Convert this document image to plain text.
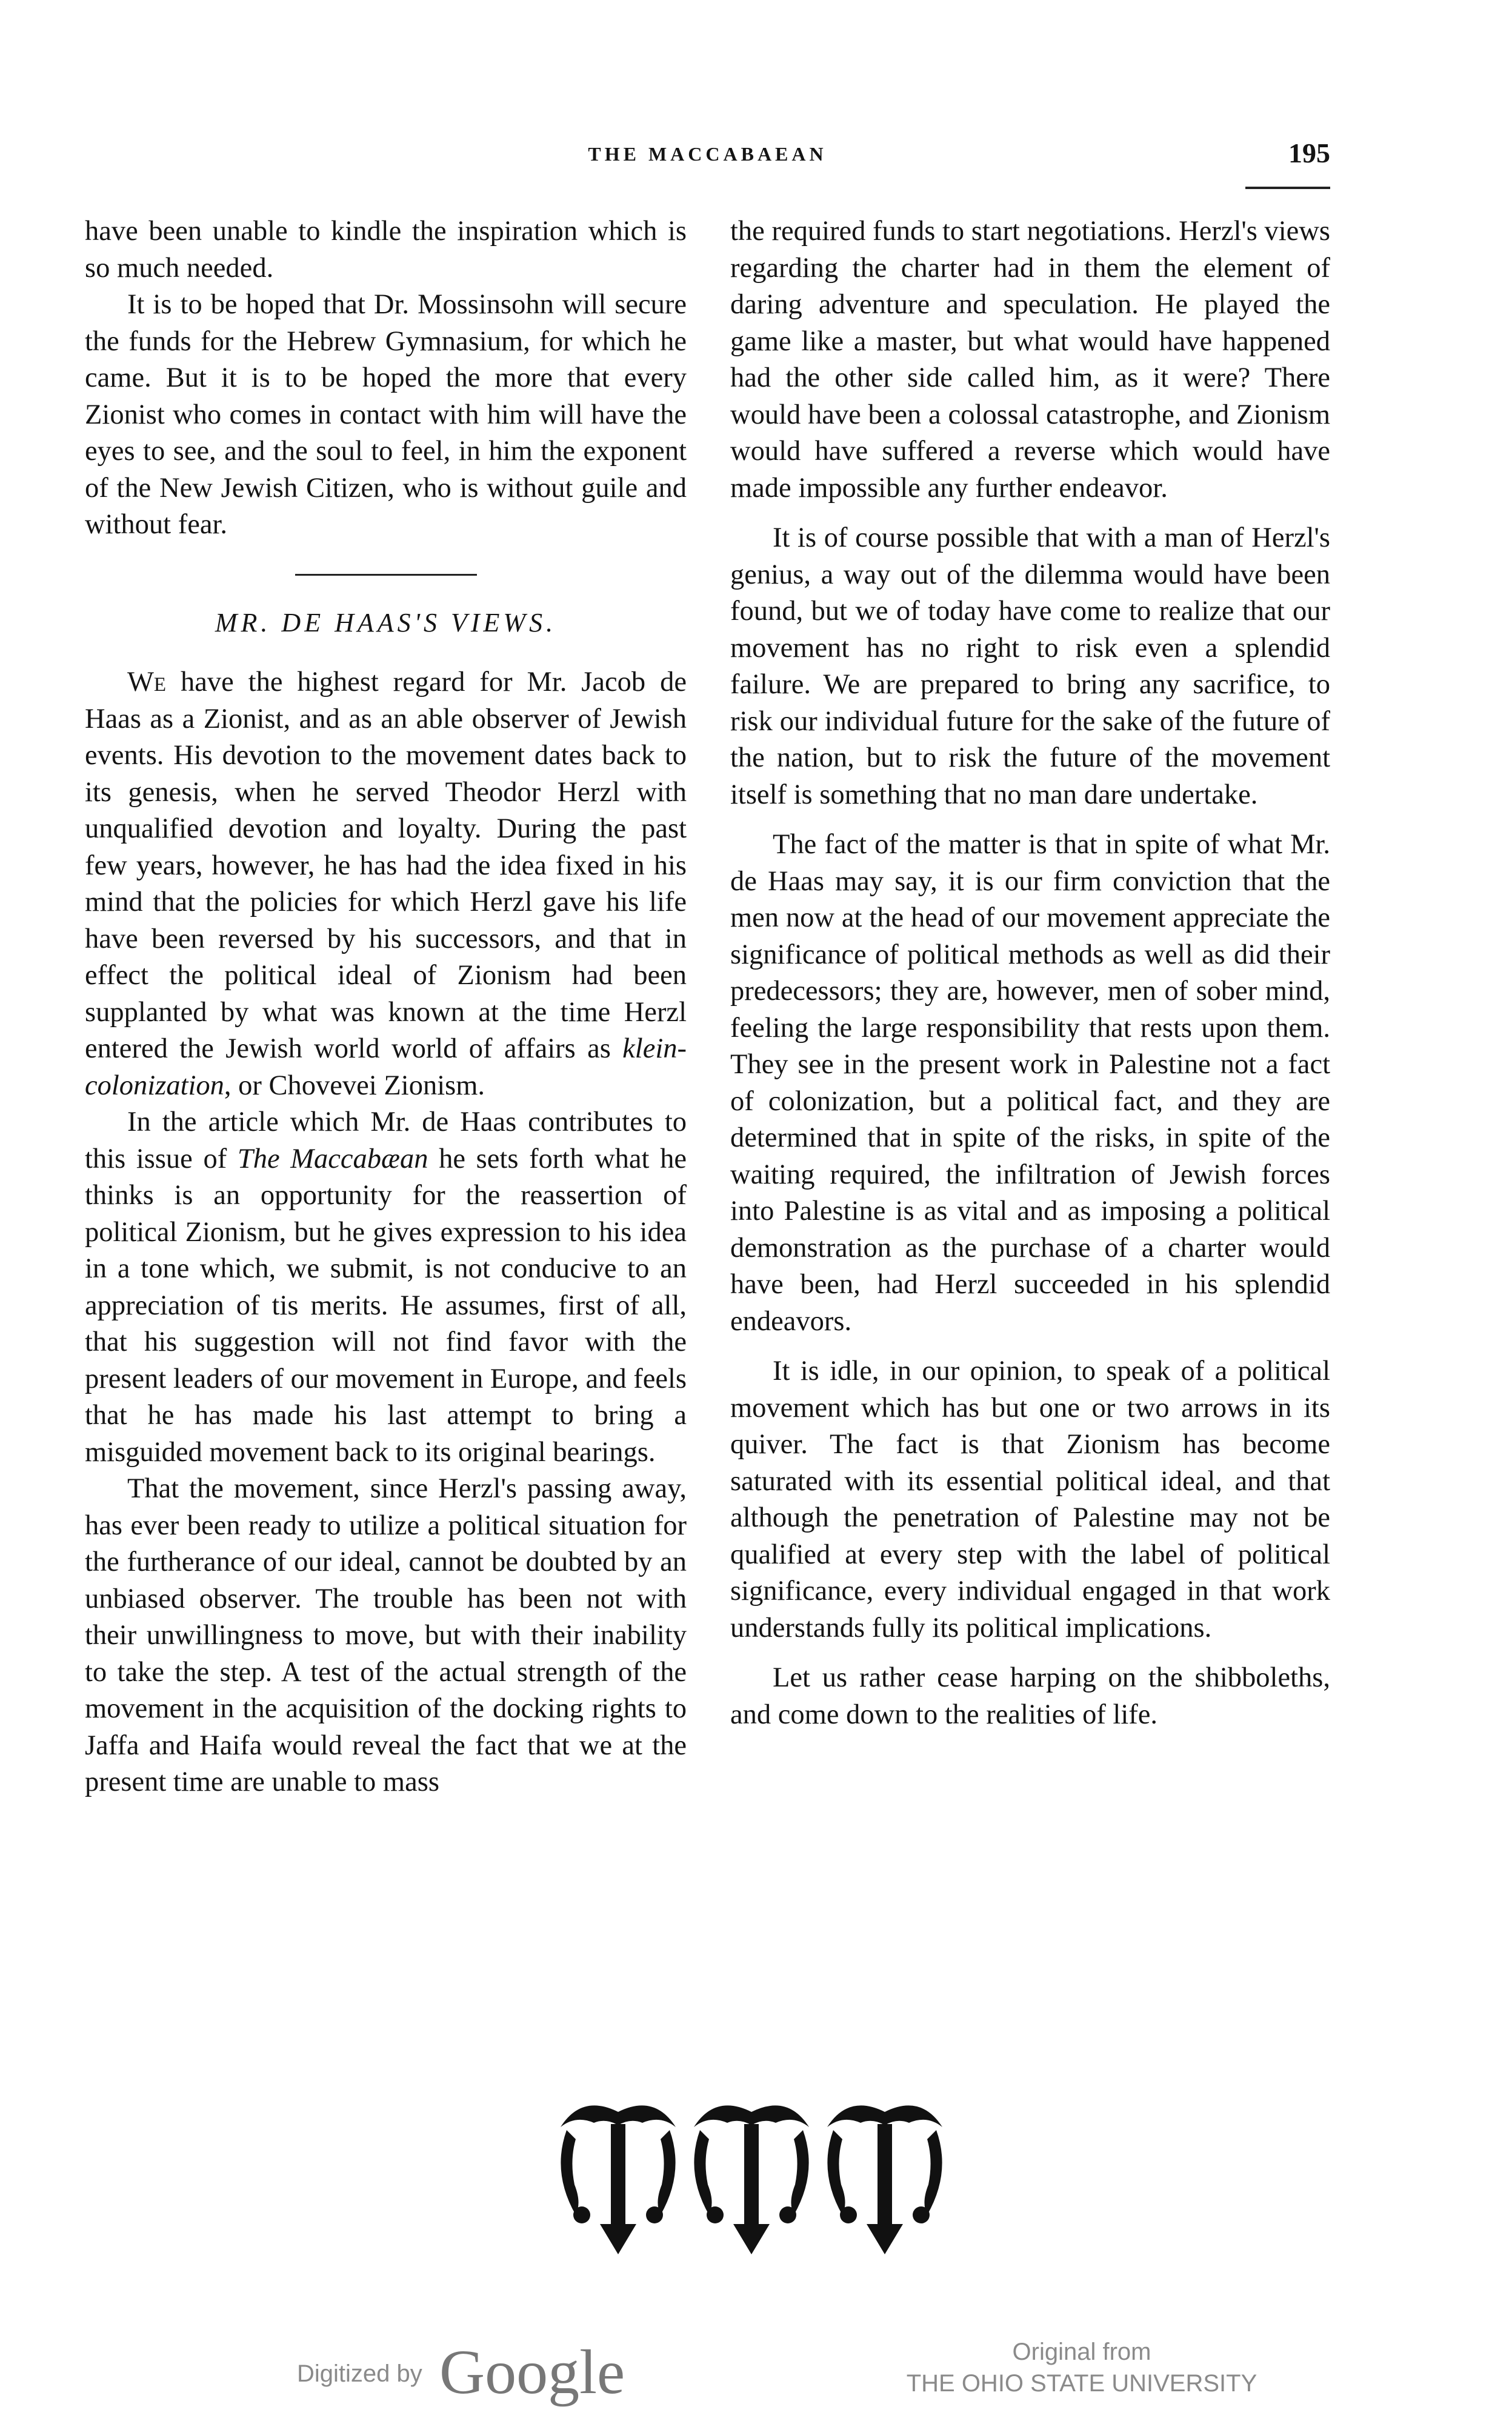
THE MACCABAEAN	195

have been unable to kindle the inspiration which is so much needed.

It is to be hoped that Dr. Mossinsohn will secure the funds for the Hebrew Gymnasium, for which he came. But it is to be hoped the more that every Zionist who comes in contact with him will have the eyes to see, and the soul to feel, in him the exponent of the New Jewish Citizen, who is without guile and without fear.

MR. DE HAAS'S VIEWS.

We have the highest regard for Mr. Jacob de Haas as a Zionist, and as an able observer of Jewish events. His devotion to the movement dates back to its genesis, when he served Theodor Herzl with unqualified devotion and loyalty. During the past few years, however, he has had the idea fixed in his mind that the policies for which Herzl gave his life have been reversed by his successors, and that in effect the political ideal of Zionism had been supplanted by what was known at the time Herzl entered the Jewish world world of affairs as klein-colonization, or Chovevei Zionism.

In the article which Mr. de Haas contributes to this issue of The Maccabæan he sets forth what he thinks is an opportunity for the reassertion of political Zionism, but he gives expression to his idea in a tone which, we submit, is not conducive to an appreciation of tis merits. He assumes, first of all, that his suggestion will not find favor with the present leaders of our movement in Europe, and feels that he has made his last attempt to bring a misguided movement back to its original bearings.

That the movement, since Herzl's passing away, has ever been ready to utilize a political situation for the furtherance of our ideal, cannot be doubted by an unbiased observer. The trouble has been not with their unwillingness to move, but with their inability to take the step. A test of the actual strength of the movement in the acquisition of the docking rights to Jaffa and Haifa would reveal the fact that we at the present time are unable to mass

the required funds to start negotiations. Herzl's views regarding the charter had in them the element of daring adventure and speculation. He played the game like a master, but what would have happened had the other side called him, as it were? There would have been a colossal catastrophe, and Zionism would have suffered a reverse which would have made impossible any further endeavor.

It is of course possible that with a man of Herzl's genius, a way out of the dilemma would have been found, but we of today have come to realize that our movement has no right to risk even a splendid failure. We are prepared to bring any sacrifice, to risk our individual future for the sake of the future of the nation, but to risk the future of the movement itself is something that no man dare undertake.

The fact of the matter is that in spite of what Mr. de Haas may say, it is our firm conviction that the men now at the head of our movement appreciate the significance of political methods as well as did their predecessors; they are, however, men of sober mind, feeling the large responsibility that rests upon them. They see in the present work in Palestine not a fact of colonization, but a political fact, and they are determined that in spite of the risks, in spite of the waiting required, the infiltration of Jewish forces into Palestine is as vital and as imposing a political demonstration as the purchase of a charter would have been, had Herzl succeeded in his splendid endeavors.

It is idle, in our opinion, to speak of a political movement which has but one or two arrows in its quiver. The fact is that Zionism has become saturated with its essential political ideal, and that although the penetration of Palestine may not be qualified at every step with the label of political significance, every individual engaged in that work understands fully its political implications.

Let us rather cease harping on the shibboleths, and come down to the realities of life.

Digitized by Google	Original from
THE OHIO STATE UNIVERSITY
